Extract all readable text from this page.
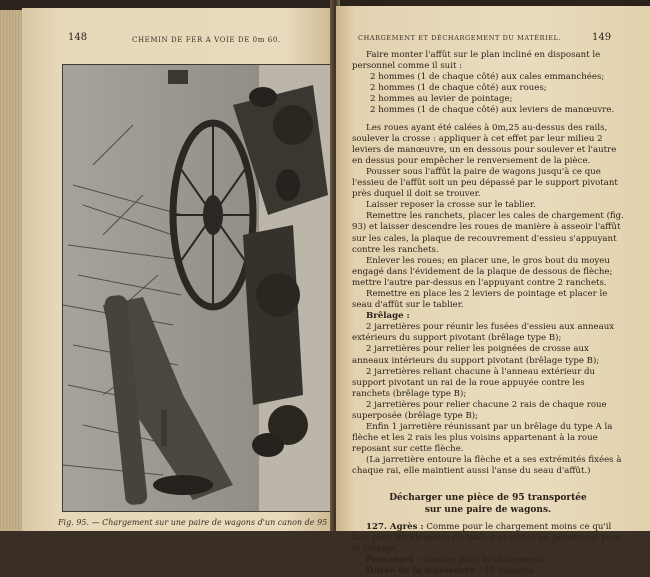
148	CHEMIN DE FER A VOIE DE 0m 60.
Fig. 95. — Chargement sur une paire de wagons d'un canon de 95
CHARGEMENT ET DÉCHARGEMENT DU MATÉRIEL.	149

Faire monter l'affût sur le plan incliné en disposant le personnel comme il suit :

2 hommes (1 de chaque côté) aux cales emmanchées;

2 hommes (1 de chaque côté) aux roues;

2 hommes au levier de pointage;

2 hommes (1 de chaque côté) aux leviers de manœuvre.

Les roues ayant été calées à 0m,25 au-dessus des rails, soulever la crosse : appliquer à cet effet par leur milieu 2 leviers de manœuvre, un en dessous pour soulever et l'autre en dessus pour empêcher le renversement de la pièce.

Pousser sous l'affût la paire de wagons jusqu'à ce que l'essieu de l'affût soit un peu dépassé par le support pivotant près duquel il doit se trouver.

Laisser reposer la crosse sur le tablier.

Remettre les ranchets, placer les cales de chargement (fig. 93) et laisser descendre les roues de manière à asseoir l'affût sur les cales, la plaque de recouvrement d'essieu s'appuyant contre les ranchets.

Enlever les roues; en placer une, le gros bout du moyeu engagé dans l'évidement de la plaque de dessous de flèche; mettre l'autre par-dessus en l'appuyant contre 2 ranchets.

Remettre en place les 2 leviers de pointage et placer le seau d'affût sur le tablier.

Brêlage :

2 jarretières pour réunir les fusées d'essieu aux anneaux extérieurs du support pivotant (brêlage type B);

2 jarretières pour relier les poignées de crosse aux anneaux intérieurs du support pivotant (brêlage type B);

2 jarretières reliant chacune à l'anneau extérieur du support pivotant un rai de la roue appuyée contre les ranchets (brêlage type B);

2 jarretières pour relier chacune 2 rais de chaque roue superposée (brêlage type B);

Enfin 1 jarretière réunissant par un brêlage du type A la flèche et les 2 rais les plus voisins appartenant à la roue reposant sur cette flèche.

(La jarretière entoure la flèche et a ses extrémités fixées à chaque rai, elle maintient aussi l'anse du seau d'affût.)

Décharger une pièce de 95 transportée
sur une paire de wagons.

127. Agrès : Comme pour le chargement moins ce qu'il faut pour les éléments du tablier et moins les jarretières pour le brêlage.

Personnel : Comme pour le chargement.

Durée de la manœuvre : 15 minutes.
